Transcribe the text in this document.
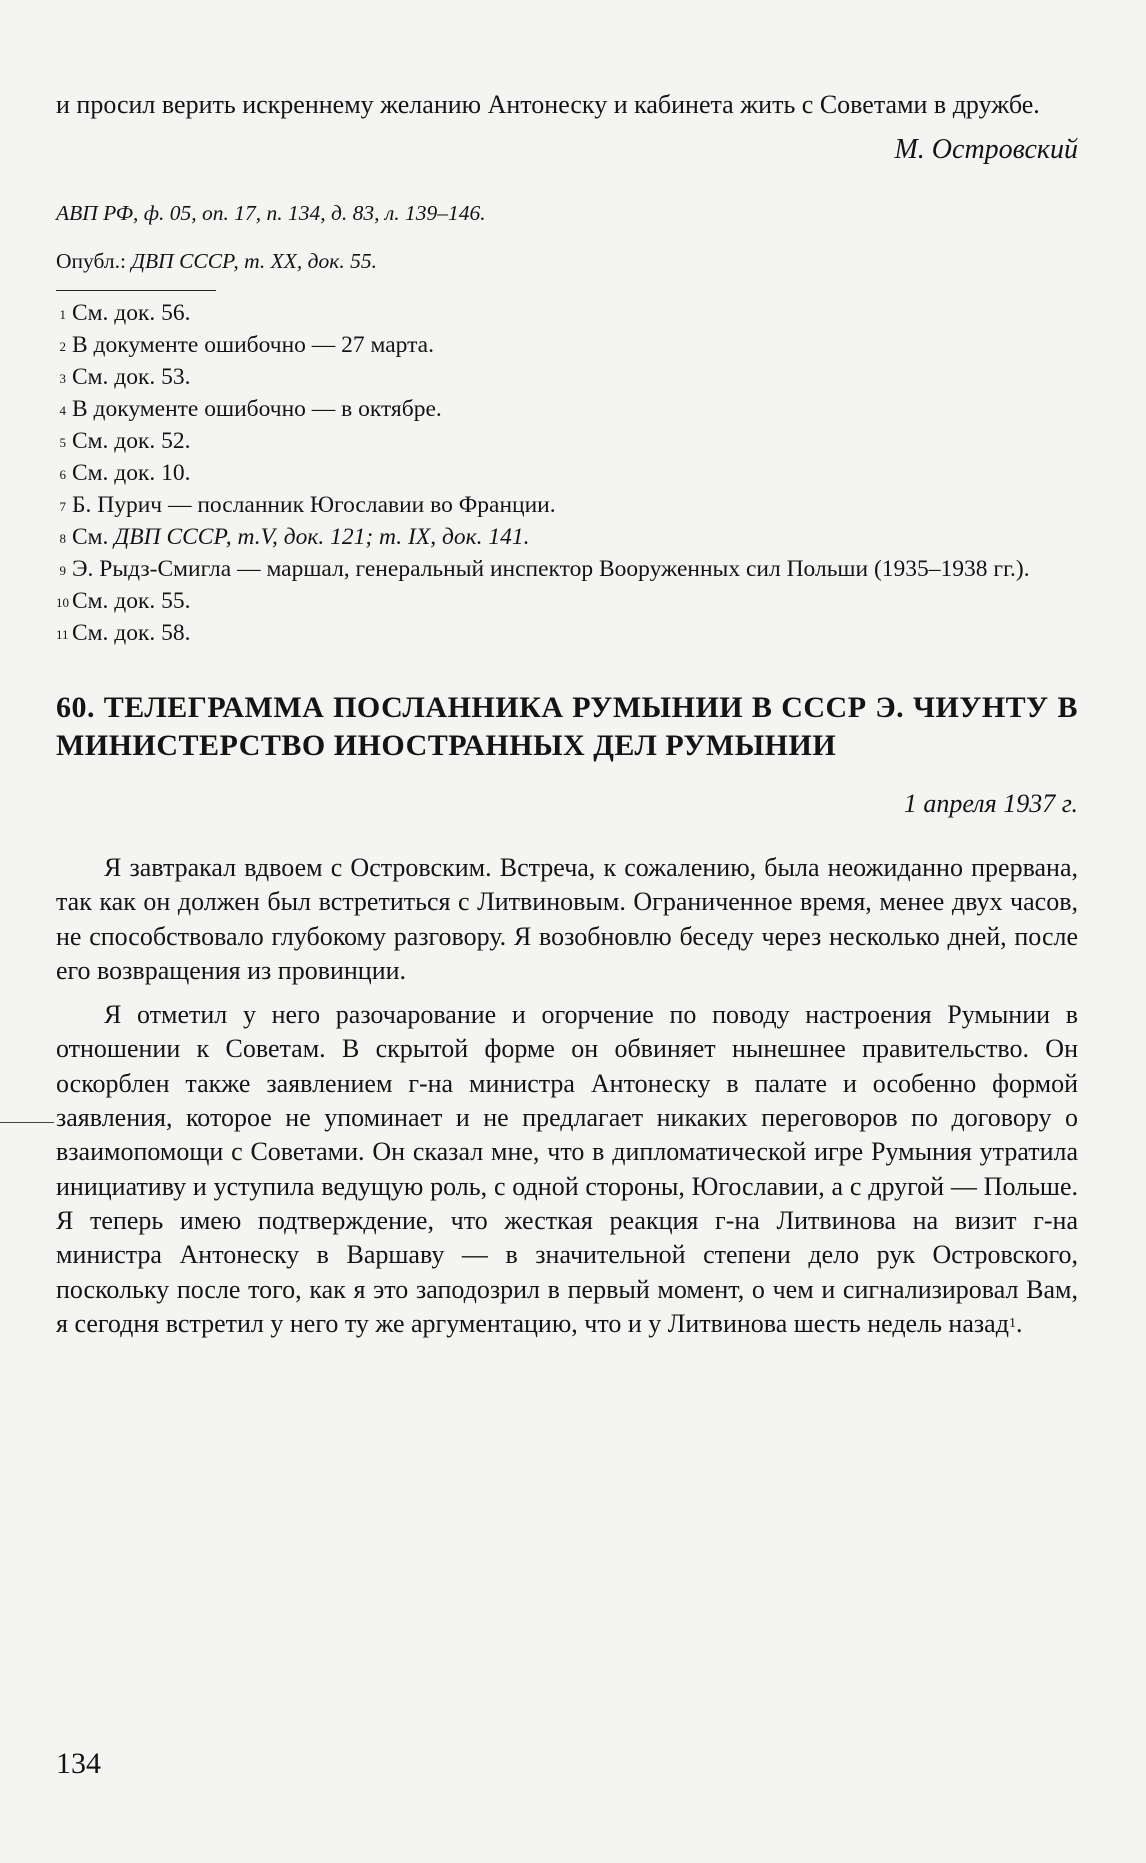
и просил верить искреннему желанию Антонеску и кабинета жить с Советами в дружбе.

М. Островский

АВП РФ, ф. 05, оп. 17, п. 134, д. 83, л. 139–146.

Опубл.: ДВП СССР, т. XX, док. 55.

$^1$ См. док. 56.

$^2$ В документе ошибочно — 27 марта.

$^3$ См. док. 53.

$^4$ В документе ошибочно — в октябре.

$^5$ См. док. 52.

$^6$ См. док. 10.

$^7$ Б. Пурич — посланник Югославии во Франции.

$^8$ См. ДВП СССР, т.V, док. 121; т. IX, док. 141.

$^9$ Э. Рыдз-Смигла — маршал, генеральный инспектор Вооруженных сил Польши (1935–1938 гг.).

$^{10}$ См. док. 55.

$^{11}$ См. док. 58.

60. ТЕЛЕГРАММА ПОСЛАННИКА РУМЫНИИ В СССР Э. ЧИУНТУ В МИНИСТЕРСТВО ИНОСТРАННЫХ ДЕЛ РУМЫНИИ

1 апреля 1937 г.

Я завтракал вдвоем с Островским. Встреча, к сожалению, была неожиданно прервана, так как он должен был встретиться с Литвиновым. Ограниченное время, менее двух часов, не способствовало глубокому разговору. Я возобновлю беседу через несколько дней, после его возвращения из провинции.

Я отметил у него разочарование и огорчение по поводу настроения Румынии в отношении к Советам. В скрытой форме он обвиняет нынешнее правительство. Он оскорблен также заявлением г-на министра Антонеску в палате и особенно формой заявления, которое не упоминает и не предлагает никаких переговоров по договору о взаимопомощи с Советами. Он сказал мне, что в дипломатической игре Румыния утратила инициативу и уступила ведущую роль, с одной стороны, Югославии, а с другой — Польше. Я теперь имею подтверждение, что жесткая реакция г-на Литвинова на визит г-на министра Антонеску в Варшаву — в значительной степени дело рук Островского, поскольку после того, как я это заподозрил в первый момент, о чем и сигнализировал Вам, я сегодня встретил у него ту же аргументацию, что и у Литвинова шесть недель назад$^1$.

134
